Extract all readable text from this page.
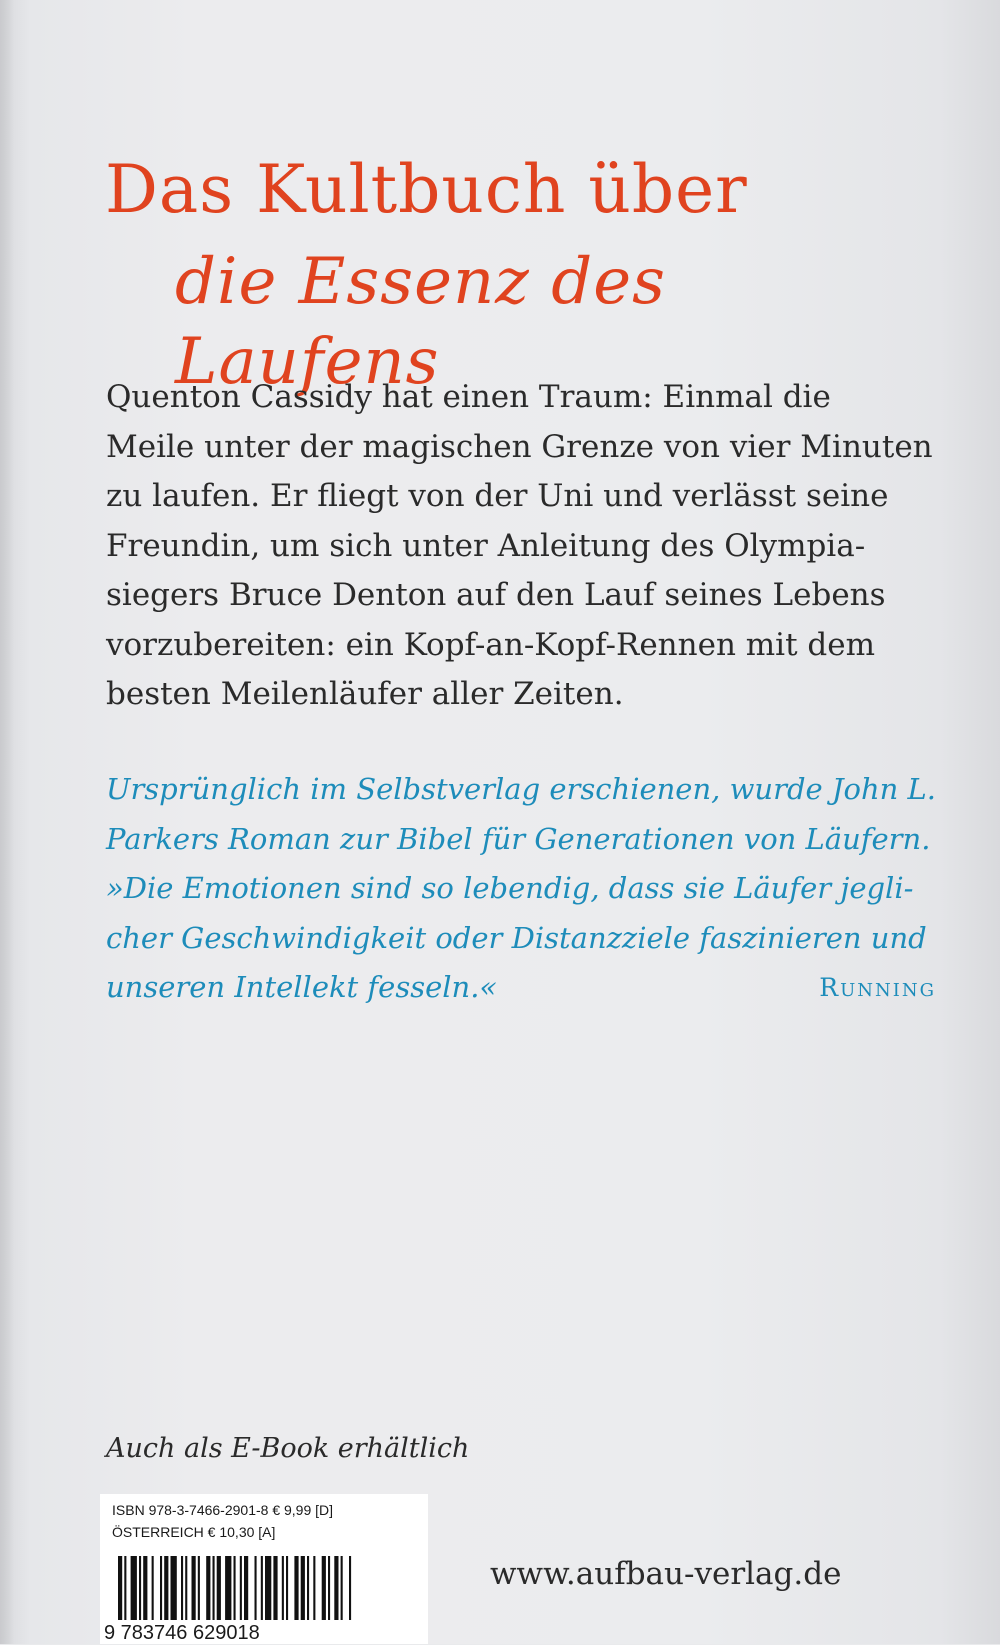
Das Kultbuch über
die Essenz des Laufens
Quenton Cassidy hat einen Traum: Einmal die
Meile unter der magischen Grenze von vier Minuten
zu laufen. Er fliegt von der Uni und verlässt seine
Freundin, um sich unter Anleitung des Olympia-
siegers Bruce Denton auf den Lauf seines Lebens
vorzubereiten: ein Kopf-an-Kopf-Rennen mit dem
besten Meilenläufer aller Zeiten.
Ursprünglich im Selbstverlag erschienen, wurde John L.
Parkers Roman zur Bibel für Generationen von Läufern.
»Die Emotionen sind so lebendig, dass sie Läufer jegli-
cher Geschwindigkeit oder Distanzziele faszinieren und
unseren Intellekt fesseln.«	Running
Auch als E-Book erhältlich
ISBN 978-3-7466-2901-8 € 9,99 [D]
ÖSTERREICH € 10,30 [A]
9 783746 629018
www.aufbau-verlag.de
